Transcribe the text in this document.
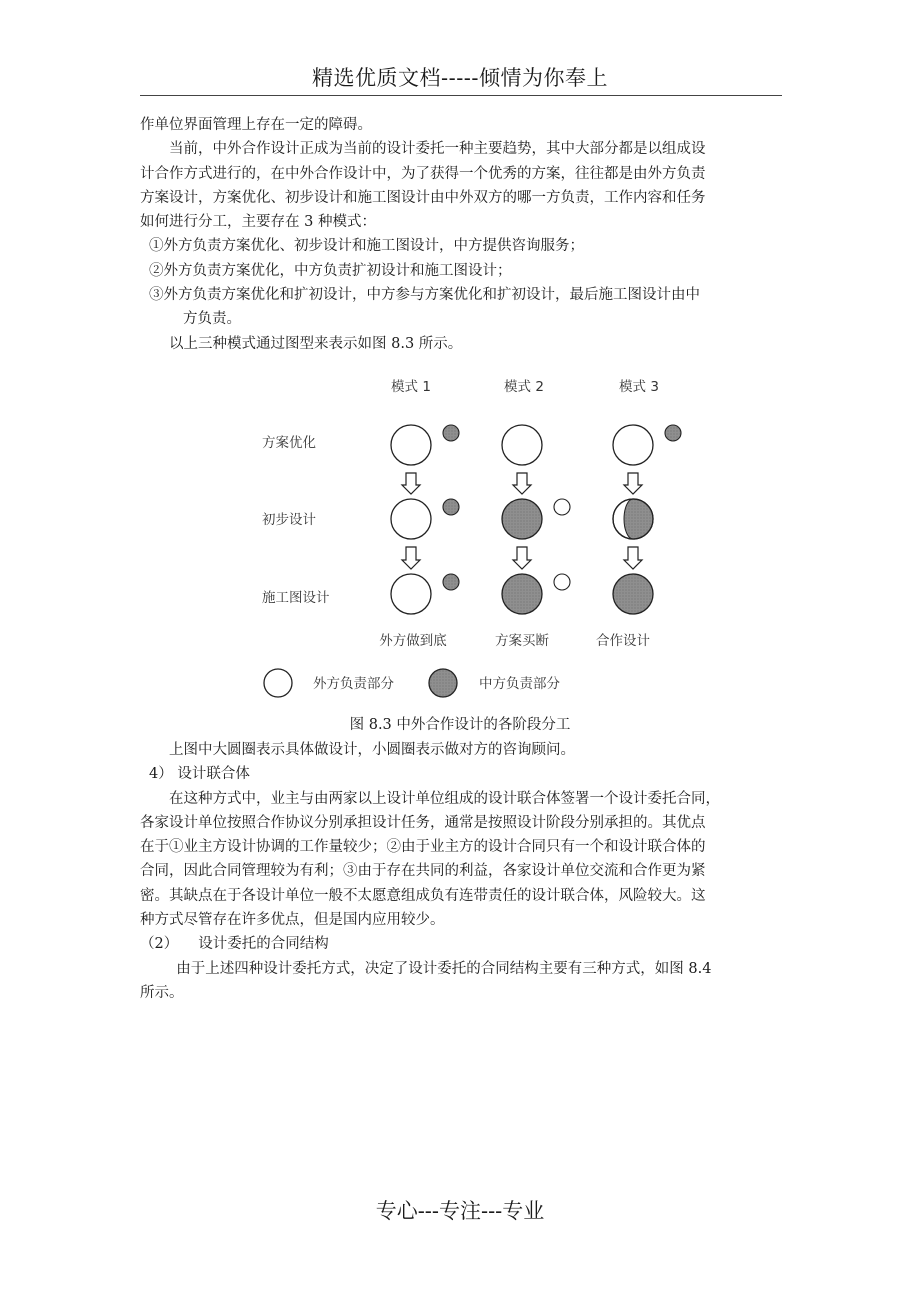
精选优质文档-----倾情为你奉上

作单位界面管理上存在一定的障碍。

当前，中外合作设计正成为当前的设计委托一种主要趋势，其中大部分都是以组成设

计合作方式进行的，在中外合作设计中，为了获得一个优秀的方案，往往都是由外方负责

方案设计，方案优化、初步设计和施工图设计由中外双方的哪一方负责，工作内容和任务

如何进行分工，主要存在 3 种模式：

①外方负责方案优化、初步设计和施工图设计，中方提供咨询服务；

②外方负责方案优化，中方负责扩初设计和施工图设计；

③外方负责方案优化和扩初设计，中方参与方案优化和扩初设计，最后施工图设计由中

方负责。

以上三种模式通过图型来表示如图 8.3 所示。

模式 1	模式 2	模式 3
方案优化
初步设计
施工图设计
外方做到底	方案买断	合作设计
外方负责部分	中方负责部分
图 8.3 中外合作设计的各阶段分工

上图中大圆圈表示具体做设计，小圆圈表示做对方的咨询顾问。

4） 设计联合体

在这种方式中，业主与由两家以上设计单位组成的设计联合体签署一个设计委托合同，

各家设计单位按照合作协议分别承担设计任务，通常是按照设计阶段分别承担的。其优点

在于①业主方设计协调的工作量较少；②由于业主方的设计合同只有一个和设计联合体的

合同，因此合同管理较为有利；③由于存在共同的利益，各家设计单位交流和合作更为紧

密。其缺点在于各设计单位一般不太愿意组成负有连带责任的设计联合体，风险较大。这

种方式尽管存在许多优点，但是国内应用较少。

（2） 设计委托的合同结构

由于上述四种设计委托方式，决定了设计委托的合同结构主要有三种方式，如图 8.4

所示。

专心---专注---专业
